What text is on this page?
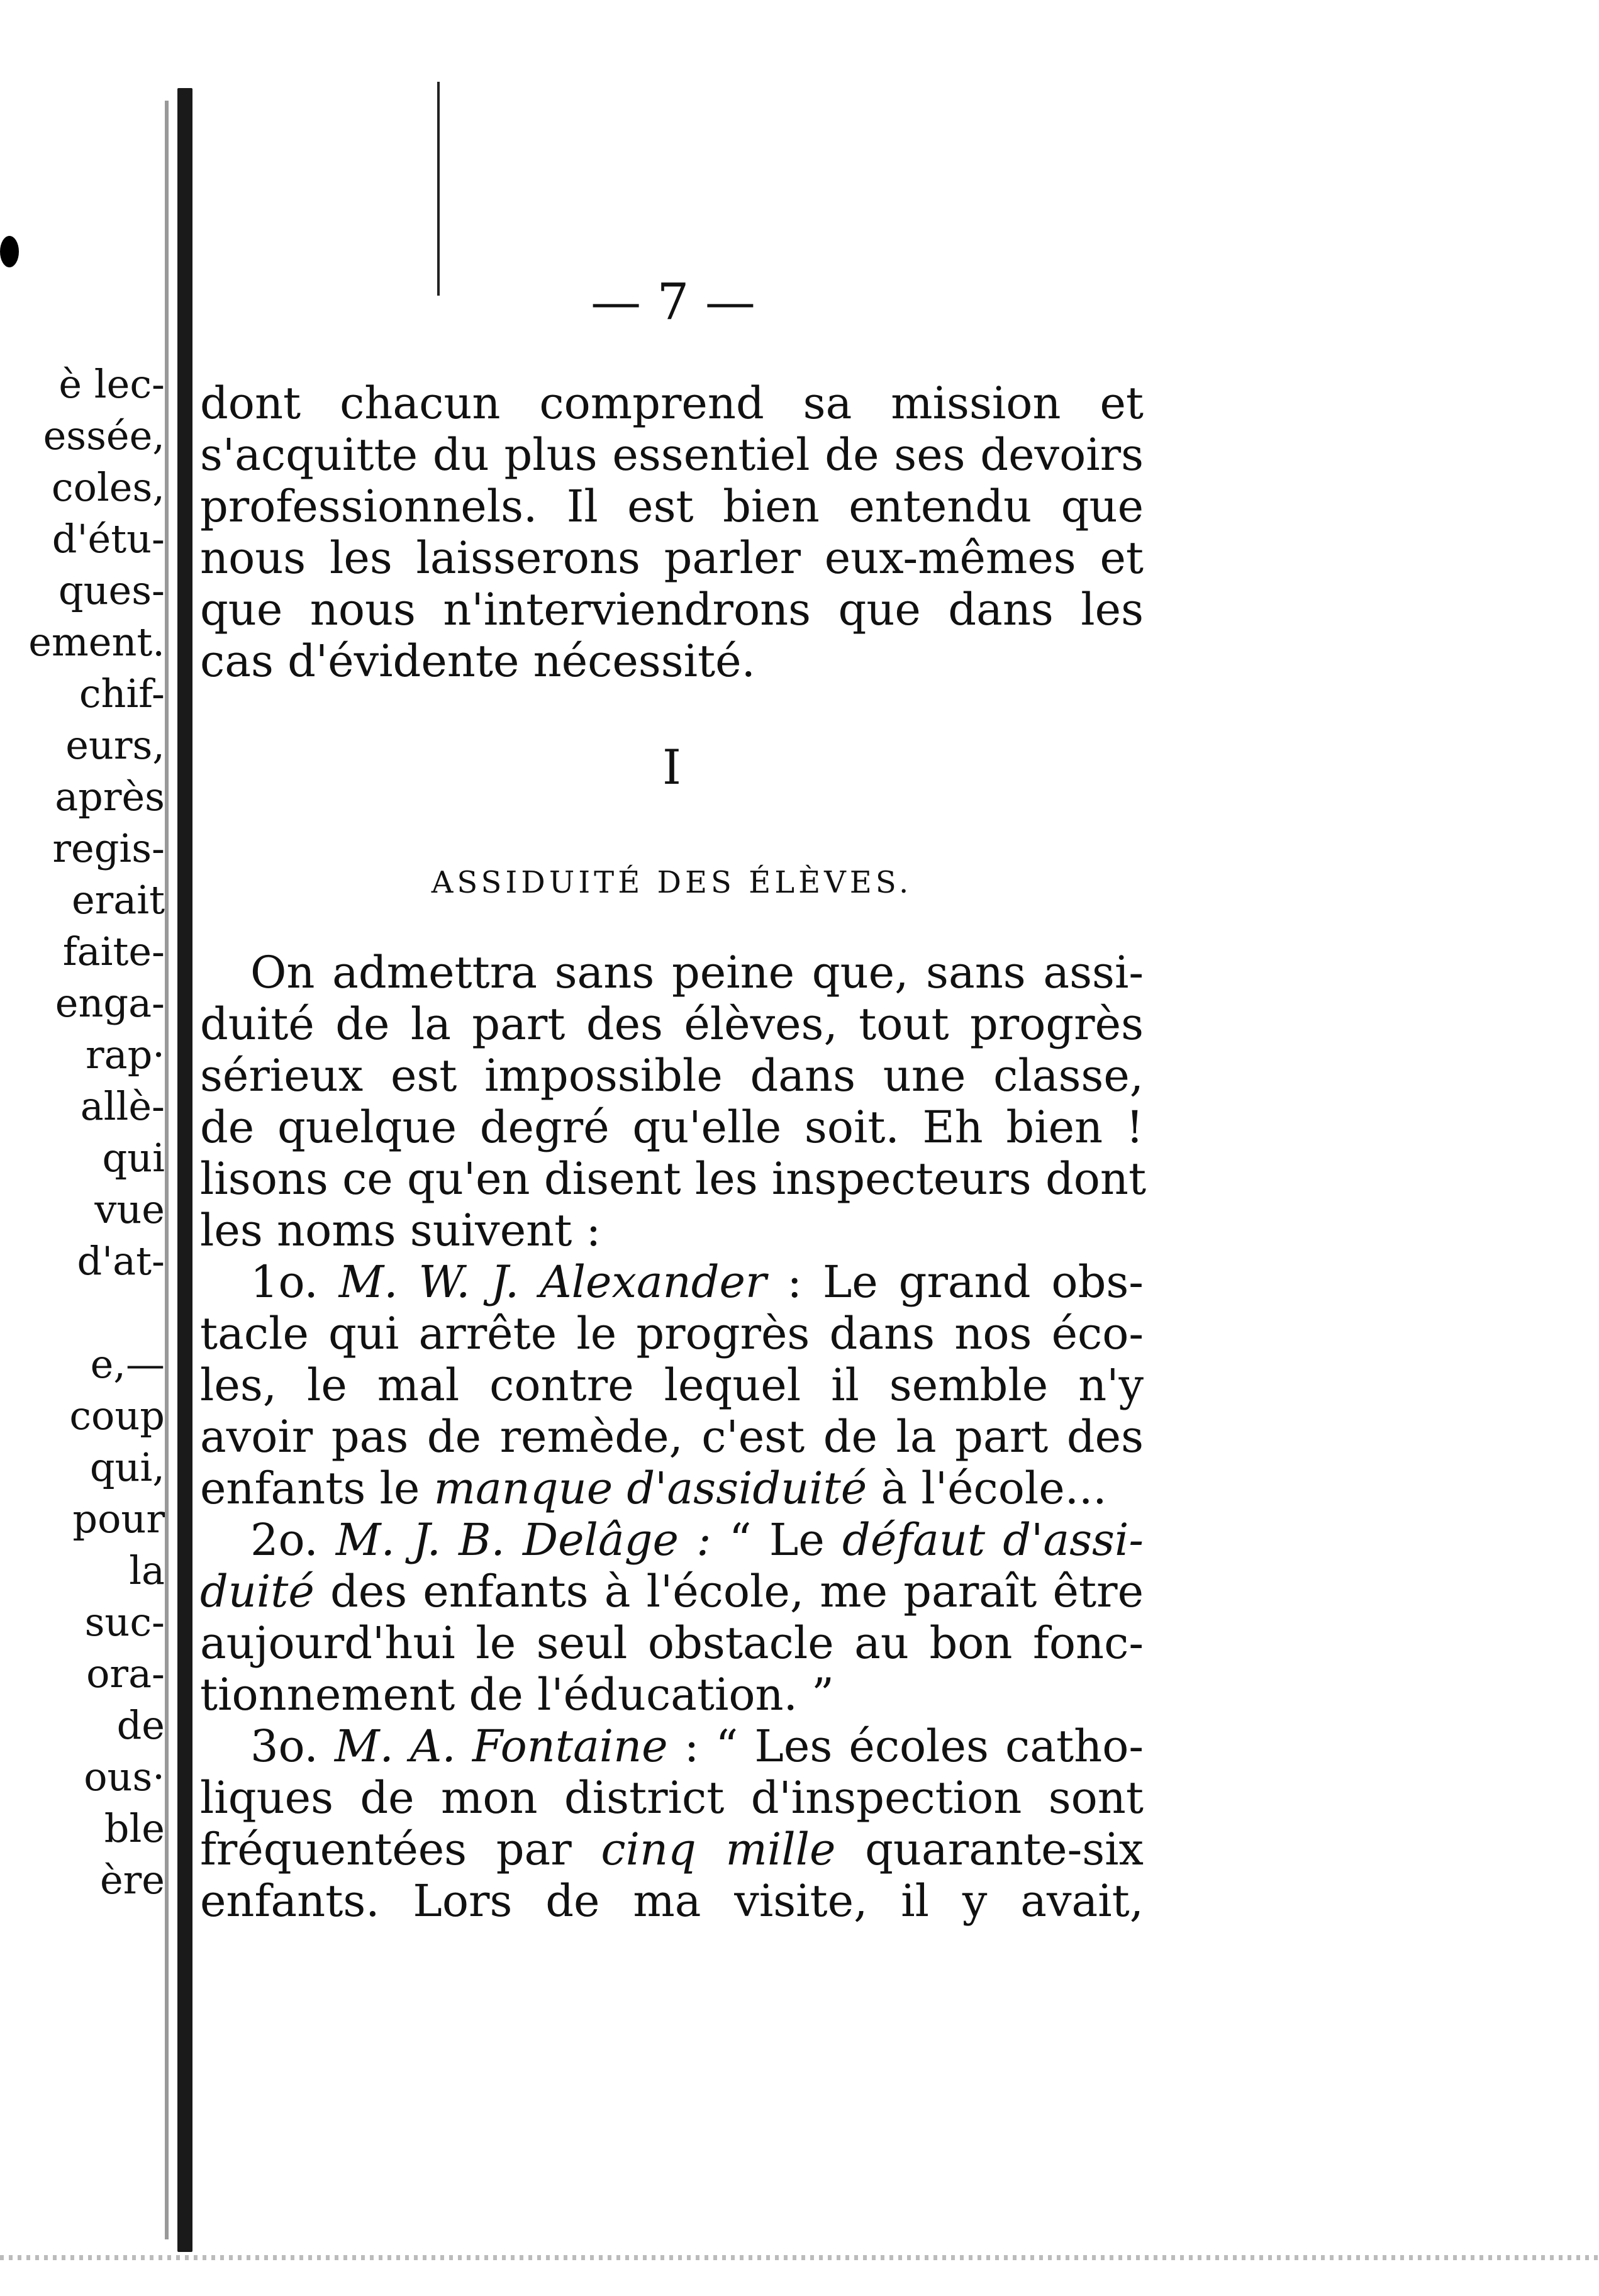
è lec-
essée,
coles,
d'étu-
ques-
ement.
chif-
eurs,
après
regis-
erait
faite-
enga-
rap·
allè-
qui
vue
d'at-
e,—
coup
qui,
pour
la
suc-
ora-
de
ous·
ble
ère
— 7 —
dont chacun comprend sa mission et
s'acquitte du plus essentiel de ses devoirs
professionnels. Il est bien entendu que
nous les laisserons parler eux-mêmes et
que nous n'interviendrons que dans les
cas d'évidente nécessité.
I
ASSIDUITÉ DES ÉLÈVES.
On admettra sans peine que, sans assi-
duité de la part des élèves, tout progrès
sérieux est impossible dans une classe,
de quelque degré qu'elle soit. Eh bien !
lisons ce qu'en disent les inspecteurs dont
les noms suivent :
1o. M. W. J. Alexander : Le grand obs-
tacle qui arrête le progrès dans nos éco-
les, le mal contre lequel il semble n'y
avoir pas de remède, c'est de la part des
enfants le manque d'assiduité à l'école...
2o. M. J. B. Delâge : “ Le défaut d'assi-
duité des enfants à l'école, me paraît être
aujourd'hui le seul obstacle au bon fonc-
tionnement de l'éducation. ”
3o. M. A. Fontaine : “ Les écoles catho-
liques de mon district d'inspection sont
fréquentées par cinq mille quarante-six
enfants. Lors de ma visite, il y avait,
